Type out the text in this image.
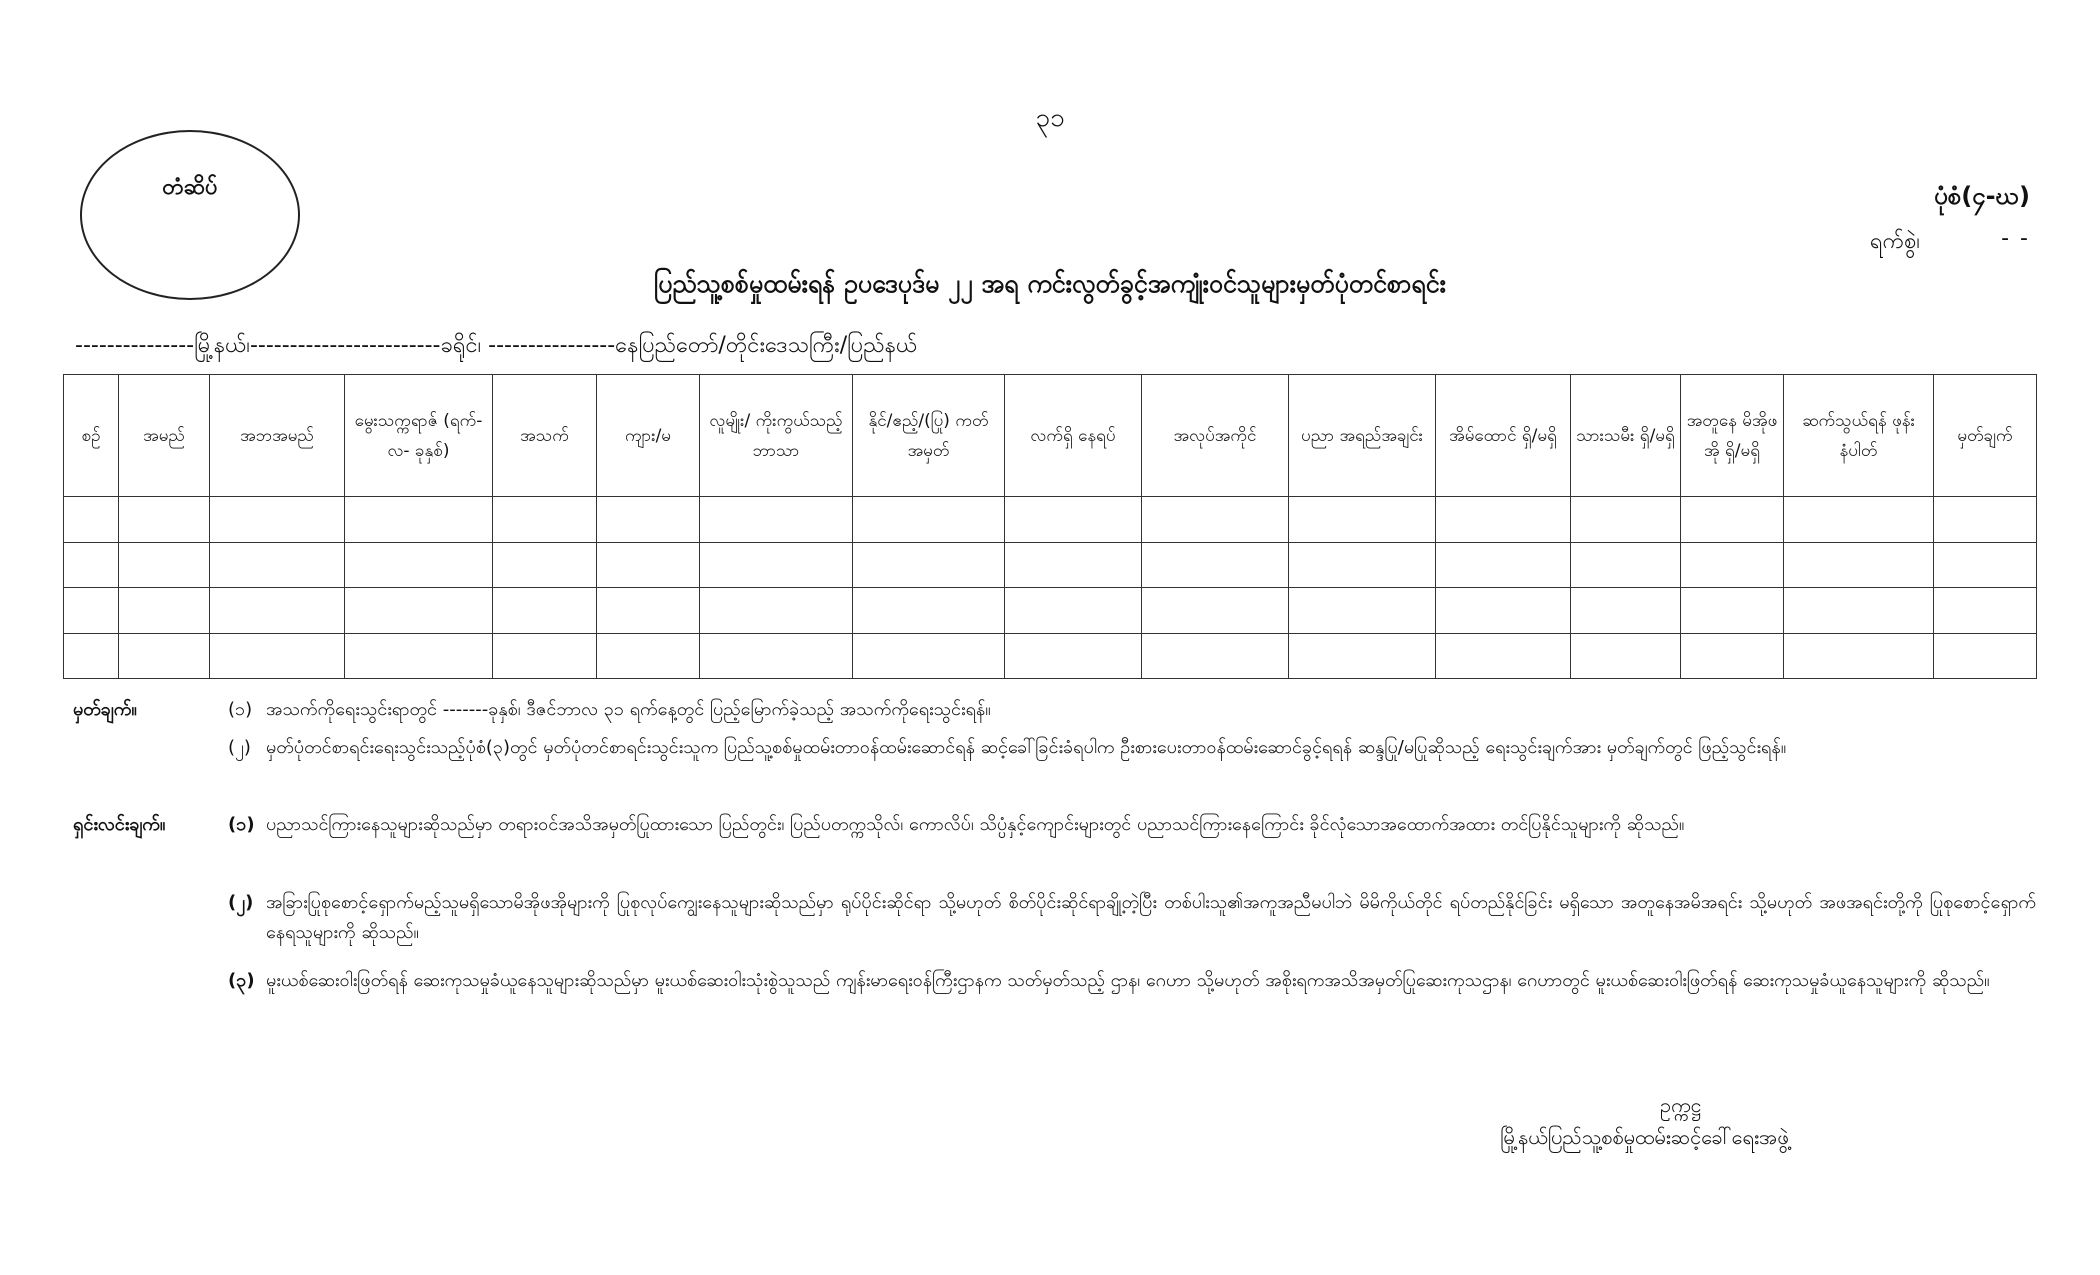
၃၁
တံဆိပ်	ပုံစံ(၄-ဃ)
ရက်စွဲ၊	- -
ပြည်သူ့စစ်မှုထမ်းရန် ဥပဒေပုဒ်မ ၂၂ အရ ကင်းလွတ်ခွင့်အကျုံးဝင်သူများမှတ်ပုံတင်စာရင်း
---------------မြို့နယ်၊------------------------ခရိုင်၊ ----------------နေပြည်တော်/တိုင်းဒေသကြီး/ပြည်နယ်
စဉ်	အမည်	အဘအမည်	မွေးသက္ကရာဇ် (ရက်-လ- ခုနှစ်)	အသက်	ကျား/မ	လူမျိုး/ ကိုးကွယ်သည့် ဘာသာ	နိုင်/ဧည့်/(ပြု) ကတ်အမှတ်	လက်ရှိ နေရပ်	အလုပ်အကိုင်	ပညာ အရည်အချင်း	အိမ်ထောင် ရှိ/မရှိ	သားသမီး ရှိ/မရှိ	အတူနေ မိအိုဖအို ရှိ/မရှိ	ဆက်သွယ်ရန် ဖုန်းနံပါတ်	မှတ်ချက်

မှတ်ချက်။	(၁) အသက်ကိုရေးသွင်းရာတွင် -------ခုနှစ်၊ ဒီဇင်ဘာလ ၃၁ ရက်နေ့တွင် ပြည့်မြောက်ခဲ့သည့် အသက်ကိုရေးသွင်းရန်။
(၂) မှတ်ပုံတင်စာရင်းရေးသွင်းသည့်ပုံစံ(၃)တွင် မှတ်ပုံတင်စာရင်းသွင်းသူက ပြည်သူ့စစ်မှုထမ်းတာဝန်ထမ်းဆောင်ရန် ဆင့်ခေါ်ခြင်းခံရပါက ဦးစားပေးတာဝန်ထမ်းဆောင်ခွင့်ရရန် ဆန္ဒပြု/မပြုဆိုသည့် ရေးသွင်းချက်အား မှတ်ချက်တွင် ဖြည့်သွင်းရန်။
ရှင်းလင်းချက်။	(၁) ပညာသင်ကြားနေသူများဆိုသည်မှာ တရားဝင်အသိအမှတ်ပြုထားသော ပြည်တွင်း၊ ပြည်ပတက္ကသိုလ်၊ ကောလိပ်၊ သိပ္ပံနှင့်ကျောင်းများတွင် ပညာသင်ကြားနေကြောင်း ခိုင်လုံသောအထောက်အထား တင်ပြနိုင်သူများကို ဆိုသည်။
(၂) အခြားပြုစုစောင့်ရှောက်မည့်သူမရှိသောမိအိုဖအိုများကို ပြုစုလုပ်ကျွေးနေသူများဆိုသည်မှာ ရုပ်ပိုင်းဆိုင်ရာ သို့မဟုတ် စိတ်ပိုင်းဆိုင်ရာချို့တဲ့ပြီး တစ်ပါးသူ၏အကူအညီမပါဘဲ မိမိကိုယ်တိုင် ရပ်တည်နိုင်ခြင်း မရှိသော အတူနေအမိအရင်း သို့မဟုတ် အဖအရင်းတို့ကို ပြုစုစောင့်ရှောက်နေရသူများကို ဆိုသည်။
(၃) မူးယစ်ဆေးဝါးဖြတ်ရန် ဆေးကုသမှုခံယူနေသူများဆိုသည်မှာ မူးယစ်ဆေးဝါးသုံးစွဲသူသည် ကျန်းမာရေးဝန်ကြီးဌာနက သတ်မှတ်သည့် ဌာန၊ ဂေဟာ သို့မဟုတ် အစိုးရကအသိအမှတ်ပြုဆေးကုသဌာန၊ ဂေဟာတွင် မူးယစ်ဆေးဝါးဖြတ်ရန် ဆေးကုသမှုခံယူနေသူများကို ဆိုသည်။
ဥက္ကဋ္ဌ
မြို့နယ်ပြည်သူ့စစ်မှုထမ်းဆင့်ခေါ်ရေးအဖွဲ့
